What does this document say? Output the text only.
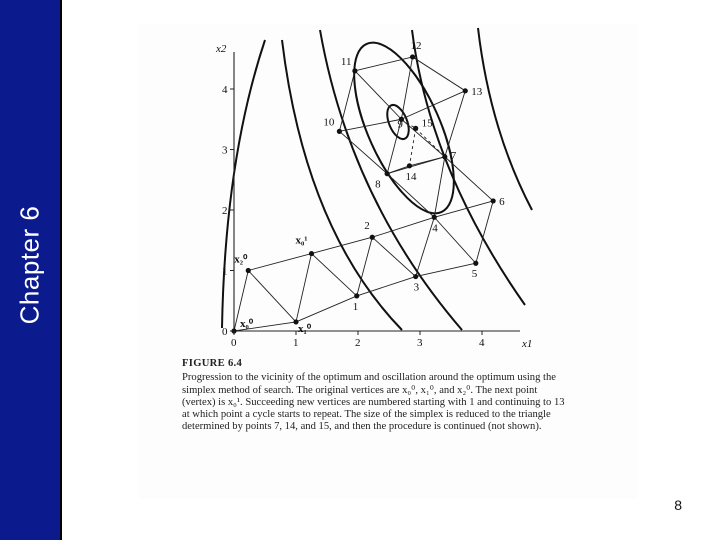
Chapter 6	x₀⁰	x₁⁰
x₂⁰
x₀¹
1
2
3
4
5
6
7
8
9
10
11
12
13
14
15
0	1	2	3	4
0
1
2
3
4
x1
x2
FIGURE 6.4
Progression to the vicinity of the optimum and oscillation around the optimum using the simplex method of search. The original vertices are x₀⁰, x₁⁰, and x₂⁰. The next point (vertex) is x₀¹. Succeeding new vertices are numbered starting with 1 and continuing to 13 at which point a cycle starts to repeat. The size of the simplex is reduced to the triangle determined by points 7, 14, and 15, and then the procedure is continued (not shown).
8
